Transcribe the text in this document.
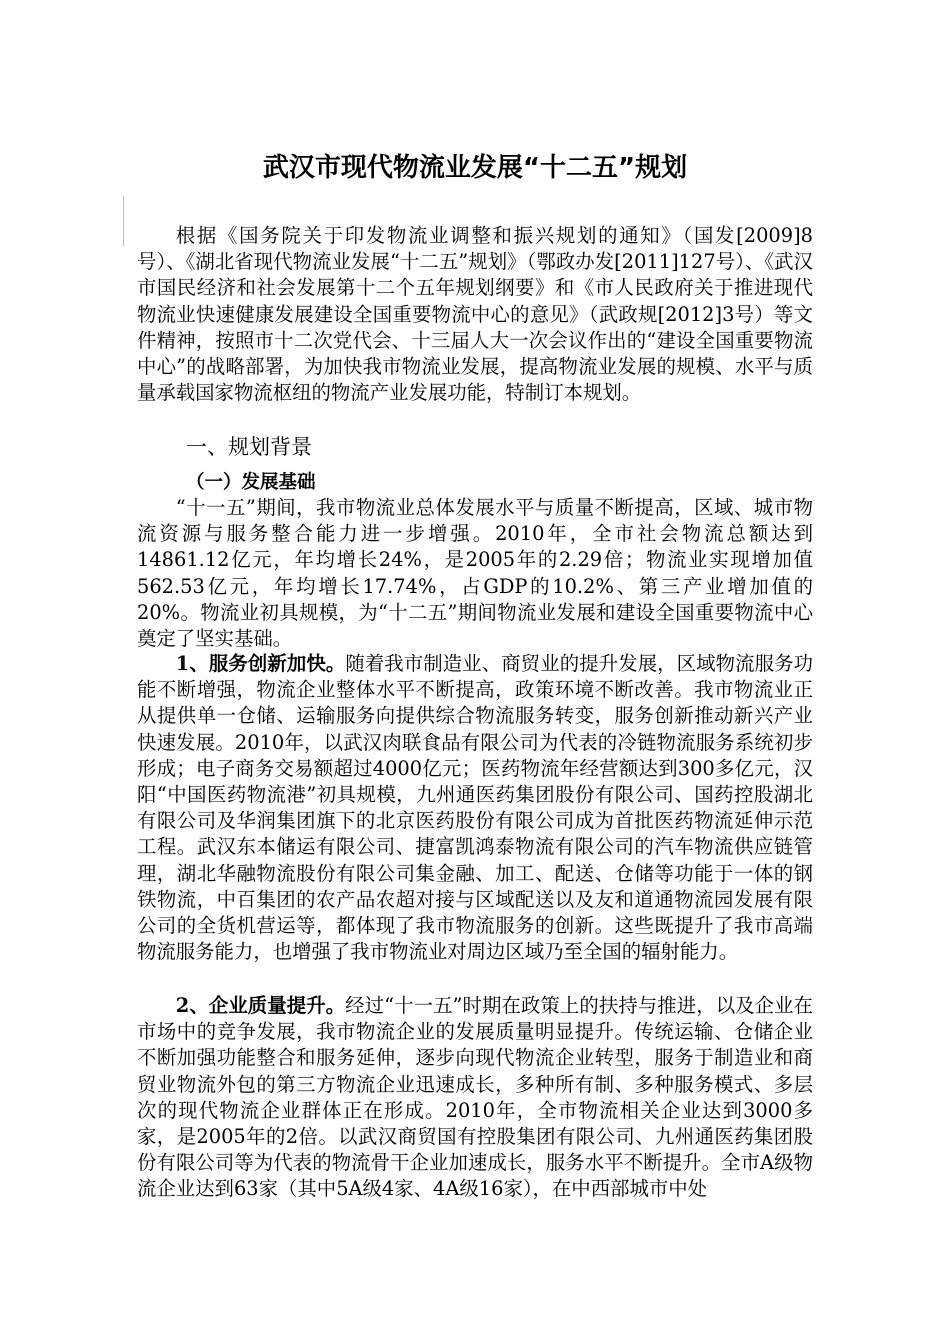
武汉市现代物流业发展“十二五”规划

根据《国务院关于印发物流业调整和振兴规划的通知》（国发[2009]8号）、《湖北省现代物流业发展“十二五”规划》（鄂政办发[2011]127号）、《武汉市国民经济和社会发展第十二个五年规划纲要》和《市人民政府关于推进现代物流业快速健康发展建设全国重要物流中心的意见》（武政规[2012]3号）等文件精神，按照市十二次党代会、十三届人大一次会议作出的“建设全国重要物流中心”的战略部署，为加快我市物流业发展，提高物流业发展的规模、水平与质量承载国家物流枢纽的物流产业发展功能，特制订本规划。

一、规划背景
（一）发展基础

“十一五”期间，我市物流业总体发展水平与质量不断提高，区域、城市物流资源与服务整合能力进一步增强。2010年，全市社会物流总额达到14861.12亿元，年均增长24%，是2005年的2.29倍；物流业实现增加值562.53亿元，年均增长17.74%，占GDP的10.2%、第三产业增加值的20%。物流业初具规模，为“十二五”期间物流业发展和建设全国重要物流中心奠定了坚实基础。

1、服务创新加快。随着我市制造业、商贸业的提升发展，区域物流服务功能不断增强，物流企业整体水平不断提高，政策环境不断改善。我市物流业正从提供单一仓储、运输服务向提供综合物流服务转变，服务创新推动新兴产业快速发展。2010年，以武汉肉联食品有限公司为代表的冷链物流服务系统初步形成；电子商务交易额超过4000亿元；医药物流年经营额达到300多亿元，汉阳“中国医药物流港”初具规模，九州通医药集团股份有限公司、国药控股湖北有限公司及华润集团旗下的北京医药股份有限公司成为首批医药物流延伸示范工程。武汉东本储运有限公司、捷富凯鸿泰物流有限公司的汽车物流供应链管理，湖北华融物流股份有限公司集金融、加工、配送、仓储等功能于一体的钢铁物流，中百集团的农产品农超对接与区域配送以及友和道通物流园发展有限公司的全货机营运等，都体现了我市物流服务的创新。这些既提升了我市高端物流服务能力，也增强了我市物流业对周边区域乃至全国的辐射能力。

2、企业质量提升。经过“十一五”时期在政策上的扶持与推进，以及企业在市场中的竞争发展，我市物流企业的发展质量明显提升。传统运输、仓储企业不断加强功能整合和服务延伸，逐步向现代物流企业转型，服务于制造业和商贸业物流外包的第三方物流企业迅速成长，多种所有制、多种服务模式、多层次的现代物流企业群体正在形成。2010年，全市物流相关企业达到3000多家，是2005年的2倍。以武汉商贸国有控股集团有限公司、九州通医药集团股份有限公司等为代表的物流骨干企业加速成长，服务水平不断提升。全市A级物流企业达到63家（其中5A级4家、4A级16家），在中西部城市中处
